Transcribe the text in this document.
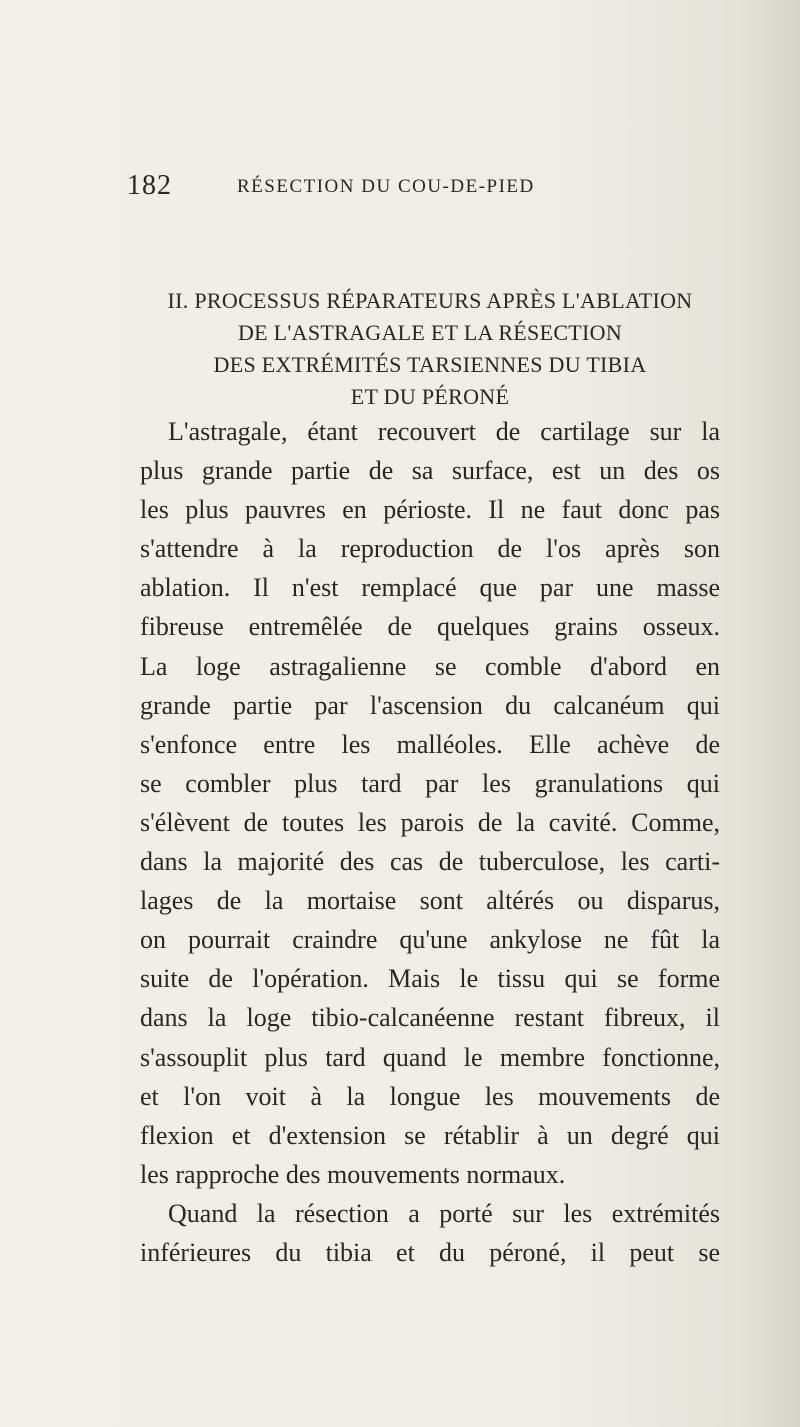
182	RÉSECTION DU COU-DE-PIED
II. PROCESSUS RÉPARATEURS APRÈS L'ABLATION
DE L'ASTRAGALE ET LA RÉSECTION
DES EXTRÉMITÉS TARSIENNES DU TIBIA
ET DU PÉRONÉ

L'astragale, étant recouvert de cartilage sur la
plus grande partie de sa surface, est un des os
les plus pauvres en périoste. Il ne faut donc pas
s'attendre à la reproduction de l'os après son
ablation. Il n'est remplacé que par une masse
fibreuse entremêlée de quelques grains osseux.
La loge astragalienne se comble d'abord en
grande partie par l'ascension du calcanéum qui
s'enfonce entre les malléoles. Elle achève de
se combler plus tard par les granulations qui
s'élèvent de toutes les parois de la cavité. Comme,
dans la majorité des cas de tuberculose, les carti-
lages de la mortaise sont altérés ou disparus,
on pourrait craindre qu'une ankylose ne fût la
suite de l'opération. Mais le tissu qui se forme
dans la loge tibio-calcanéenne restant fibreux, il
s'assouplit plus tard quand le membre fonctionne,
et l'on voit à la longue les mouvements de
flexion et d'extension se rétablir à un degré qui
les rapproche des mouvements normaux.

Quand la résection a porté sur les extrémités
inférieures du tibia et du péroné, il peut se
